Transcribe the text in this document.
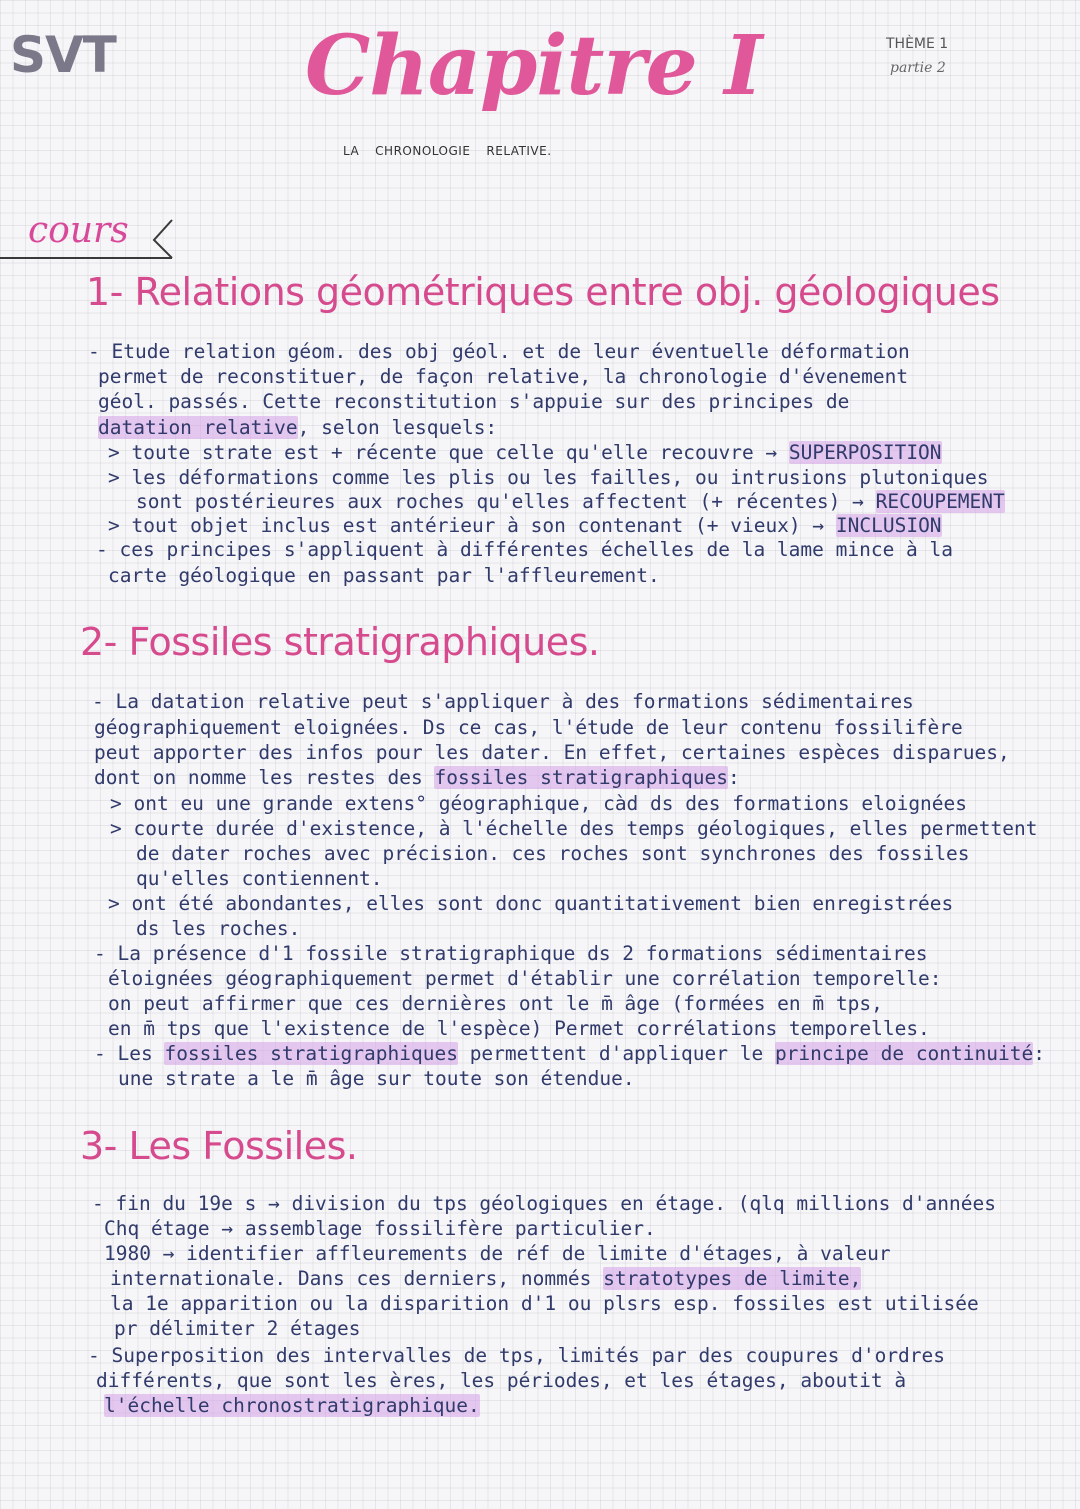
SVT Chapitre I
LA CHRONOLOGIE RELATIVE.
THÈME 1
partie 2
cours
1- Relations géométriques entre obj. géologiques
- Etude relation géom. des obj géol. et de leur éventuelle déformation
permet de reconstituer, de façon relative, la chronologie d'évenement
géol. passés. Cette reconstitution s'appuie sur des principes de
datation relative, selon lesquels:
> toute strate est + récente que celle qu'elle recouvre → SUPERPOSITION
> les déformations comme les plis ou les failles, ou intrusions plutoniques
sont postérieures aux roches qu'elles affectent (+ récentes) → RECOUPEMENT
> tout objet inclus est antérieur à son contenant (+ vieux) → INCLUSION
- ces principes s'appliquent à différentes échelles de la lame mince à la
carte géologique en passant par l'affleurement.
2- Fossiles stratigraphiques.
- La datation relative peut s'appliquer à des formations sédimentaires
géographiquement eloignées. Ds ce cas, l'étude de leur contenu fossilifère
peut apporter des infos pour les dater. En effet, certaines espèces disparues,
dont on nomme les restes des fossiles stratigraphiques:
> ont eu une grande extens° géographique, càd ds des formations eloignées
> courte durée d'existence, à l'échelle des temps géologiques, elles permettent
de dater roches avec précision. ces roches sont synchrones des fossiles
qu'elles contiennent.
> ont été abondantes, elles sont donc quantitativement bien enregistrées
ds les roches.
- La présence d'1 fossile stratigraphique ds 2 formations sédimentaires
éloignées géographiquement permet d'établir une corrélation temporelle:
on peut affirmer que ces dernières ont le m̄ âge (formées en m̄ tps,
en m̄ tps que l'existence de l'espèce) Permet corrélations temporelles.
- Les fossiles stratigraphiques permettent d'appliquer le principe de continuité:
une strate a le m̄ âge sur toute son étendue.
3- Les Fossiles.
- fin du 19e s → division du tps géologiques en étage. (qlq millions d'années
Chq étage → assemblage fossilifère particulier.
1980 → identifier affleurements de réf de limite d'étages, à valeur
internationale. Dans ces derniers, nommés stratotypes de limite,
la 1e apparition ou la disparition d'1 ou plsrs esp. fossiles est utilisée
pr délimiter 2 étages
- Superposition des intervalles de tps, limités par des coupures d'ordres
différents, que sont les ères, les périodes, et les étages, aboutit à
l'échelle chronostratigraphique.
